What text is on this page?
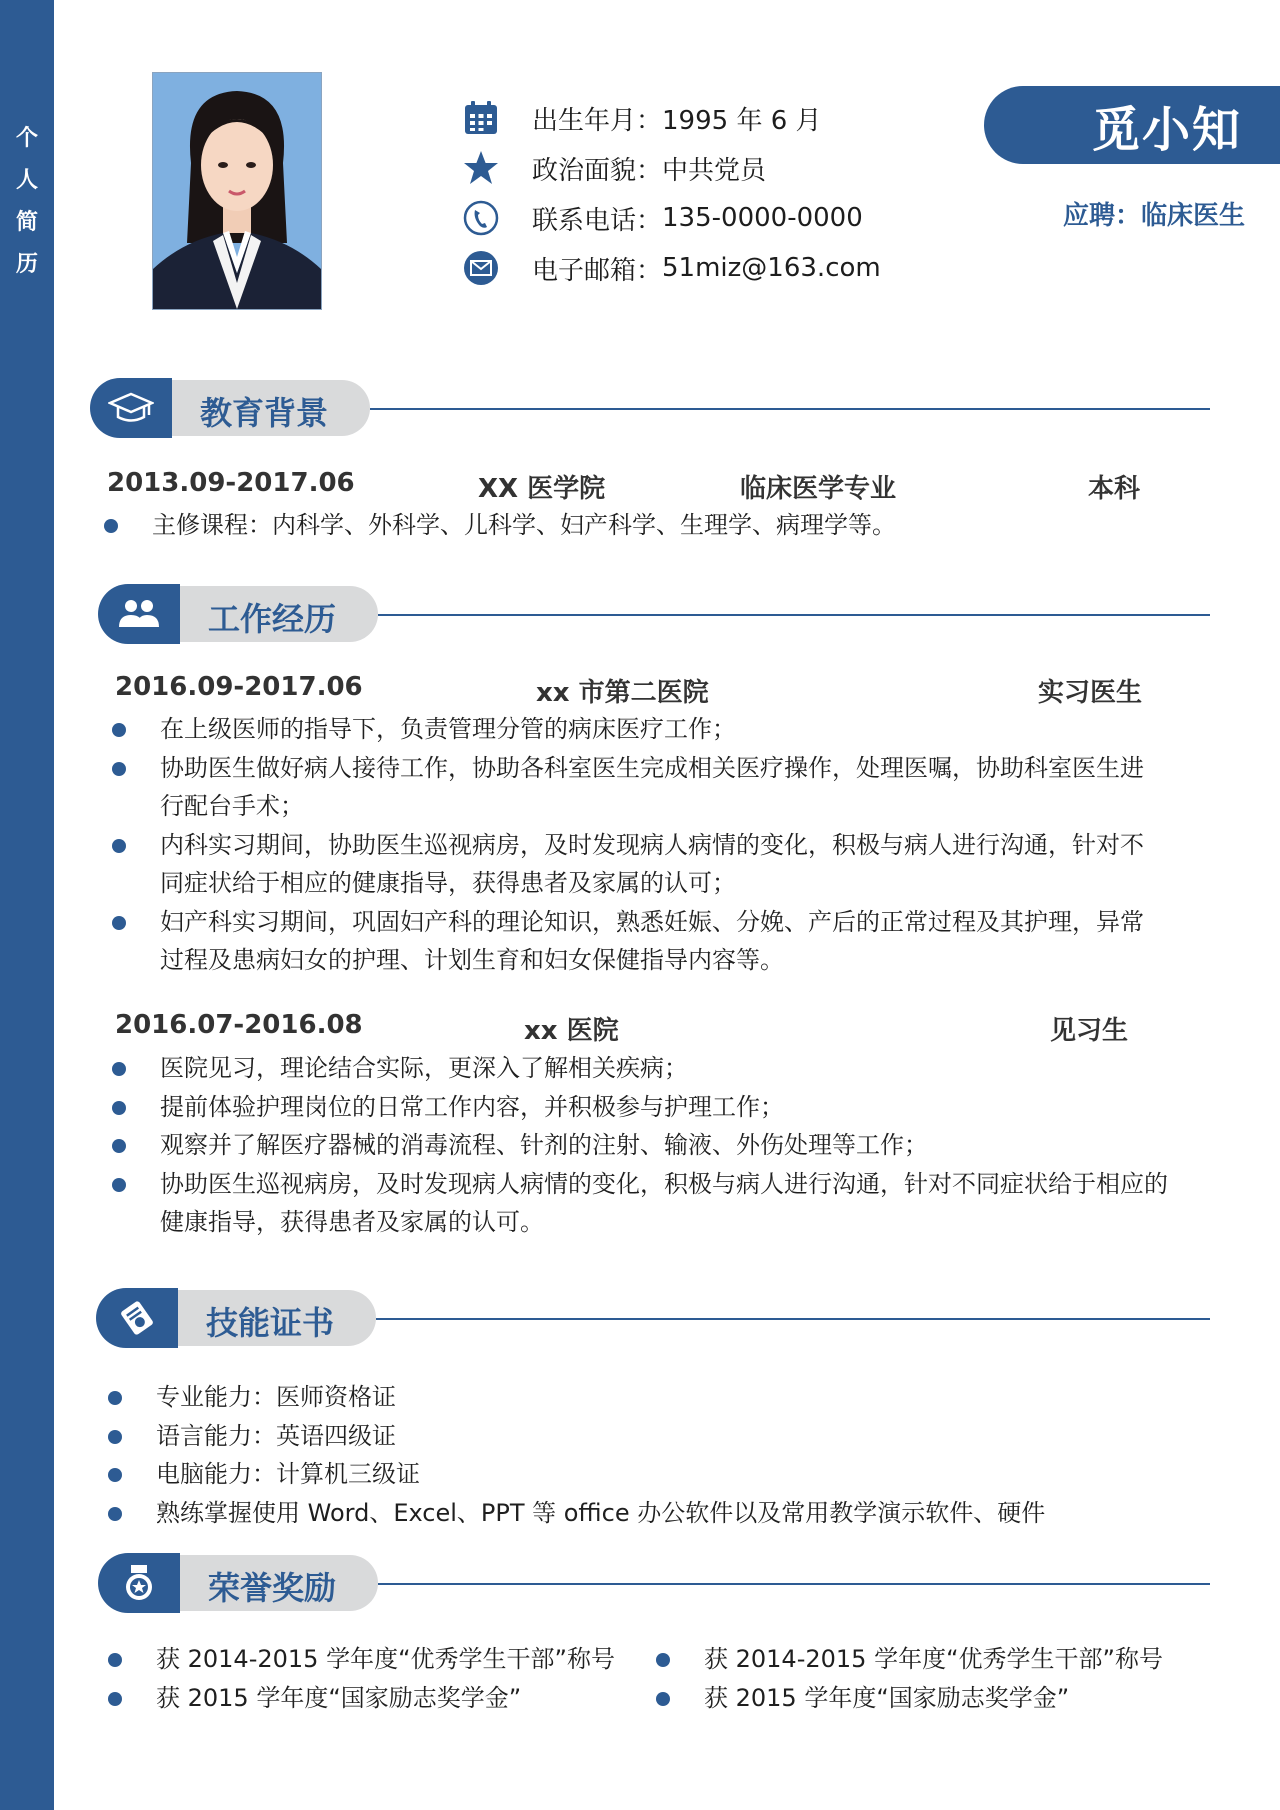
个
人
简
历
出生年月： 1995 年 6 月
政治面貌： 中共党员
联系电话： 135-0000-0000
电子邮箱： 51miz@163.com
觅小知
应聘：临床医生
教育背景
2013.09-2017.06	XX 医学院	临床医学专业	本科
主修课程：内科学、外科学、儿科学、妇产科学、生理学、病理学等。
工作经历
2016.09-2017.06	xx 市第二医院	实习医生
在上级医师的指导下，负责管理分管的病床医疗工作；
协助医生做好病人接待工作，协助各科室医生完成相关医疗操作，处理医嘱，协助科室医生进行配台手术；
内科实习期间，协助医生巡视病房，及时发现病人病情的变化，积极与病人进行沟通，针对不同症状给于相应的健康指导，获得患者及家属的认可；
妇产科实习期间，巩固妇产科的理论知识，熟悉妊娠、分娩、产后的正常过程及其护理，异常过程及患病妇女的护理、计划生育和妇女保健指导内容等。
2016.07-2016.08	xx 医院	见习生
医院见习，理论结合实际，更深入了解相关疾病；
提前体验护理岗位的日常工作内容，并积极参与护理工作；
观察并了解医疗器械的消毒流程、针剂的注射、输液、外伤处理等工作；
协助医生巡视病房，及时发现病人病情的变化，积极与病人进行沟通，针对不同症状给于相应的健康指导，获得患者及家属的认可。
技能证书
专业能力：医师资格证
语言能力：英语四级证
电脑能力：计算机三级证
熟练掌握使用 Word、Excel、PPT 等 office 办公软件以及常用教学演示软件、硬件
荣誉奖励
获 2014-2015 学年度“优秀学生干部”称号
获 2015 学年度“国家励志奖学金”
获 2014-2015 学年度“优秀学生干部”称号
获 2015 学年度“国家励志奖学金”
